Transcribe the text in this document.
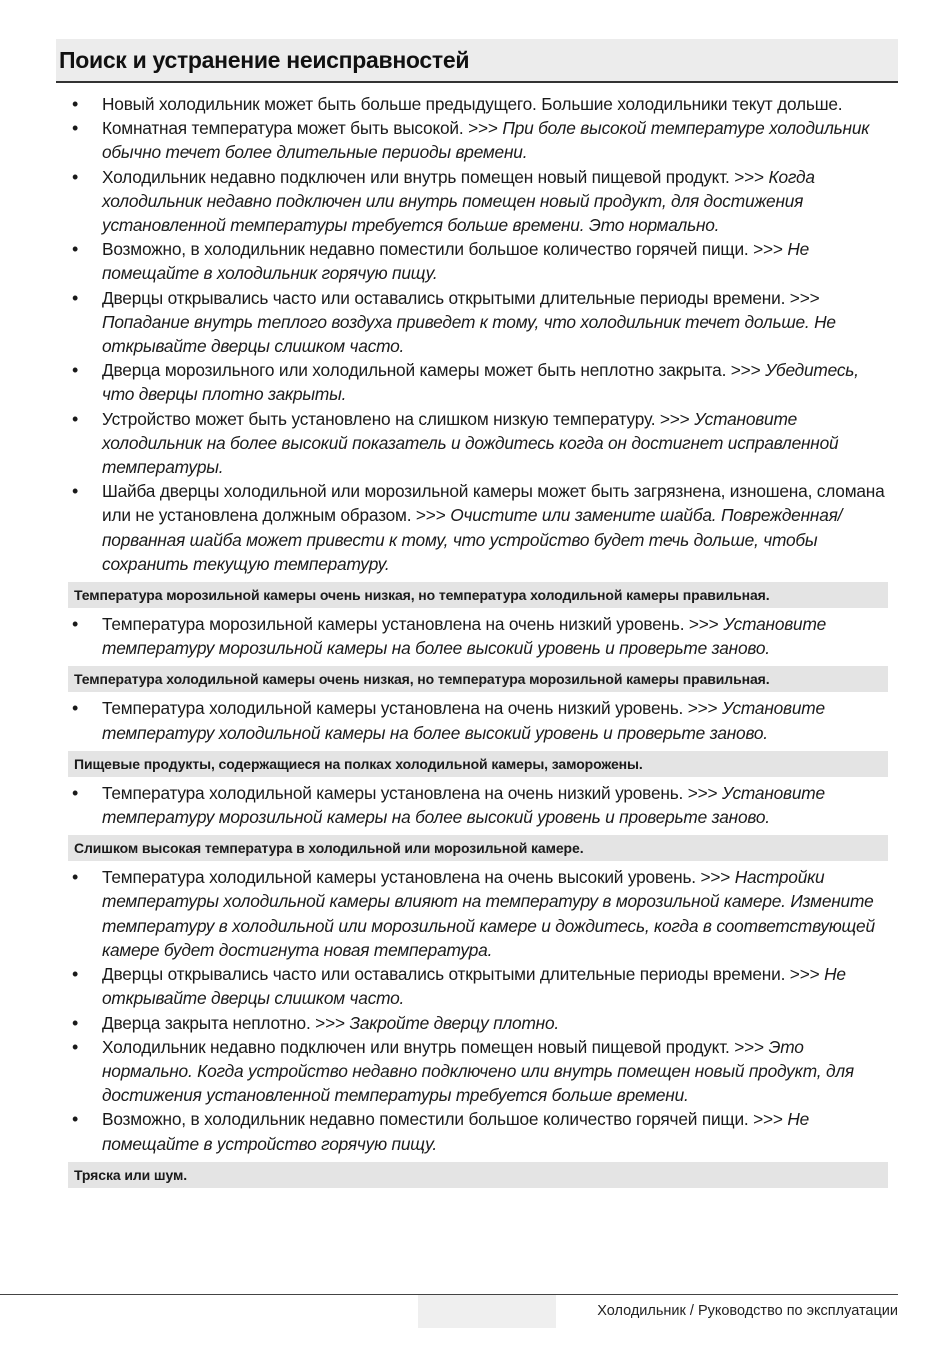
Поиск и устранение неисправностей
• Новый холодильник может быть больше предыдущего. Большие холодильники текут дольше.
• Комнатная температура может быть высокой. >>> При боле высокой температуре холодильник обычно течет более длительные периоды времени.
• Холодильник недавно подключен или внутрь помещен новый пищевой продукт. >>> Когда холодильник недавно подключен или внутрь помещен новый продукт, для достижения установленной температуры требуется больше времени. Это нормально.
• Возможно, в холодильник недавно поместили большое количество горячей пищи. >>> Не помещайте в холодильник горячую пищу.
• Дверцы открывались часто или оставались открытыми длительные периоды времени. >>> Попадание внутрь теплого воздуха приведет к тому, что холодильник течет дольше. Не открывайте дверцы слишком часто.
• Дверца морозильного или холодильной камеры может быть неплотно закрыта. >>> Убедитесь, что дверцы плотно закрыты.
• Устройство может быть установлено на слишком низкую температуру. >>> Установите холодильник на более высокий показатель и дождитесь когда он достигнет исправленной температуры.
• Шайба дверцы холодильной или морозильной камеры может быть загрязнена, изношена, сломана или не установлена должным образом. >>> Очистите или замените шайба. Поврежденная/порванная шайба может привести к тому, что устройство будет течь дольше, чтобы сохранить текущую температуру.
Температура морозильной камеры очень низкая, но температура холодильной камеры правильная.
• Температура морозильной камеры установлена на очень низкий уровень. >>> Установите температуру морозильной камеры на более высокий уровень и проверьте заново.
Температура холодильной камеры очень низкая, но температура морозильной камеры правильная.
• Температура холодильной камеры установлена на очень низкий уровень. >>> Установите температуру холодильной камеры на более высокий уровень и проверьте заново.
Пищевые продукты, содержащиеся на полках холодильной камеры, заморожены.
• Температура холодильной камеры установлена на очень низкий уровень. >>> Установите температуру морозильной камеры на более высокий уровень и проверьте заново.
Слишком высокая температура в холодильной или морозильной камере.
• Температура холодильной камеры установлена на очень высокий уровень. >>> Настройки температуры холодильной камеры влияют на температуру в морозильной камере. Измените температуру в холодильной или морозильной камере и дождитесь, когда в соответствующей камере будет достигнута новая температура.
• Дверцы открывались часто или оставались открытыми длительные периоды времени. >>> Не открывайте дверцы слишком часто.
• Дверца закрыта неплотно. >>> Закройте дверцу плотно.
• Холодильник недавно подключен или внутрь помещен новый пищевой продукт. >>> Это нормально. Когда устройство недавно подключено или внутрь помещен новый продукт, для достижения установленной температуры требуется больше времени.
• Возможно, в холодильник недавно поместили большое количество горячей пищи. >>> Не помещайте в устройство горячую пищу.
Тряска или шум.
Холодильник / Руководство по эксплуатации
